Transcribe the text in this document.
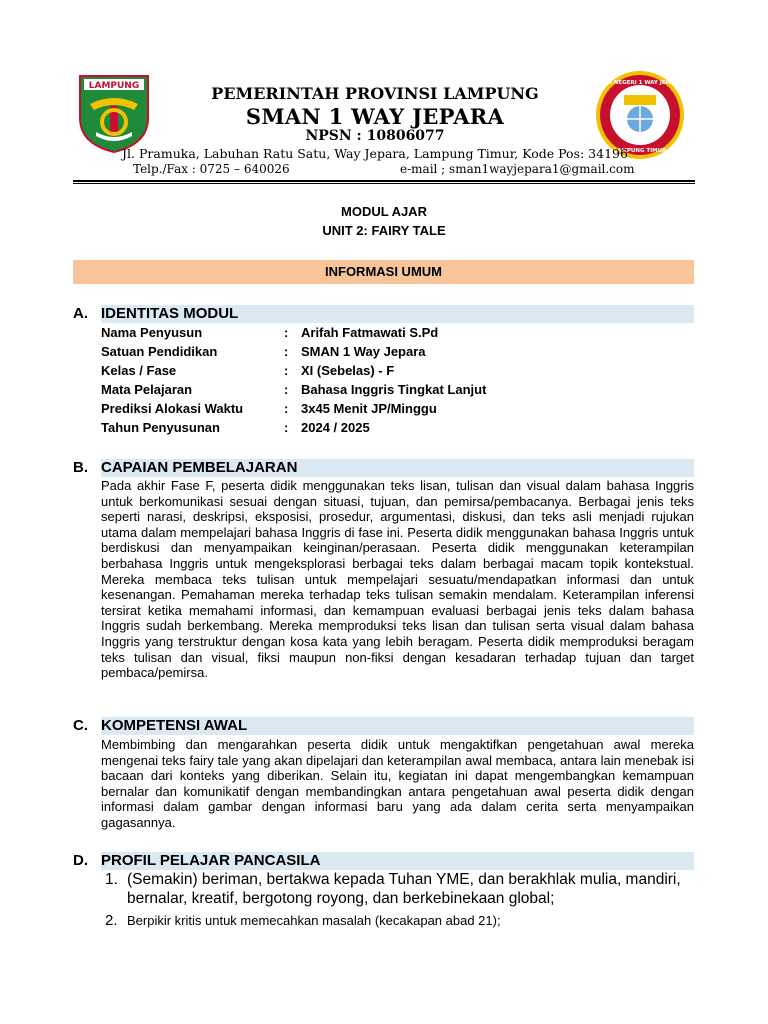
LAMPUNG	SMA NEGERI 1 WAY JEPARA
LAMPUNG TIMUR
PEMERINTAH PROVINSI LAMPUNG
SMAN 1 WAY JEPARA
NPSN : 10806077
Jl. Pramuka, Labuhan Ratu Satu, Way Jepara, Lampung Timur, Kode Pos: 34196
Telp./Fax : 0725 – 640026	e-mail ; sman1wayjepara1@gmail.com
MODUL AJAR
UNIT 2: FAIRY TALE
INFORMASI UMUM
A. IDENTITAS MODUL
Nama Penyusun	: Arifah Fatmawati S.Pd
Satuan Pendidikan	: SMAN 1 Way Jepara
Kelas / Fase	: XI (Sebelas) - F
Mata Pelajaran	: Bahasa Inggris Tingkat Lanjut
Prediksi Alokasi Waktu	: 3x45 Menit JP/Minggu
Tahun Penyusunan	: 2024 / 2025
B. CAPAIAN PEMBELAJARAN
Pada akhir Fase F, peserta didik menggunakan teks lisan, tulisan dan visual dalam bahasa Inggris untuk berkomunikasi sesuai dengan situasi, tujuan, dan pemirsa/pembacanya. Berbagai jenis teks seperti narasi, deskripsi, eksposisi, prosedur, argumentasi, diskusi, dan teks asli menjadi rujukan utama dalam mempelajari bahasa Inggris di fase ini. Peserta didik menggunakan bahasa Inggris untuk berdiskusi dan menyampaikan keinginan/perasaan. Peserta didik menggunakan keterampilan berbahasa Inggris untuk mengeksplorasi berbagai teks dalam berbagai macam topik kontekstual. Mereka membaca teks tulisan untuk mempelajari sesuatu/mendapatkan informasi dan untuk kesenangan. Pemahaman mereka terhadap teks tulisan semakin mendalam. Keterampilan inferensi tersirat ketika memahami informasi, dan kemampuan evaluasi berbagai jenis teks dalam bahasa Inggris sudah berkembang. Mereka memproduksi teks lisan dan tulisan serta visual dalam bahasa Inggris yang terstruktur dengan kosa kata yang lebih beragam. Peserta didik memproduksi beragam teks tulisan dan visual, fiksi maupun non-fiksi dengan kesadaran terhadap tujuan dan target pembaca/pemirsa.
C. KOMPETENSI AWAL
Membimbing dan mengarahkan peserta didik untuk mengaktifkan pengetahuan awal mereka mengenai teks fairy tale yang akan dipelajari dan keterampilan awal membaca, antara lain menebak isi bacaan dari konteks yang diberikan. Selain itu, kegiatan ini dapat mengembangkan kemampuan bernalar dan komunikatif dengan membandingkan antara pengetahuan awal peserta didik dengan informasi dalam gambar dengan informasi baru yang ada dalam cerita serta menyampaikan gagasannya.
D. PROFIL PELAJAR PANCASILA
1. (Semakin) beriman, bertakwa kepada Tuhan YME, dan berakhlak mulia, mandiri, bernalar, kreatif, bergotong royong, dan berkebinekaan global;
2. Berpikir kritis untuk memecahkan masalah (kecakapan abad 21);
